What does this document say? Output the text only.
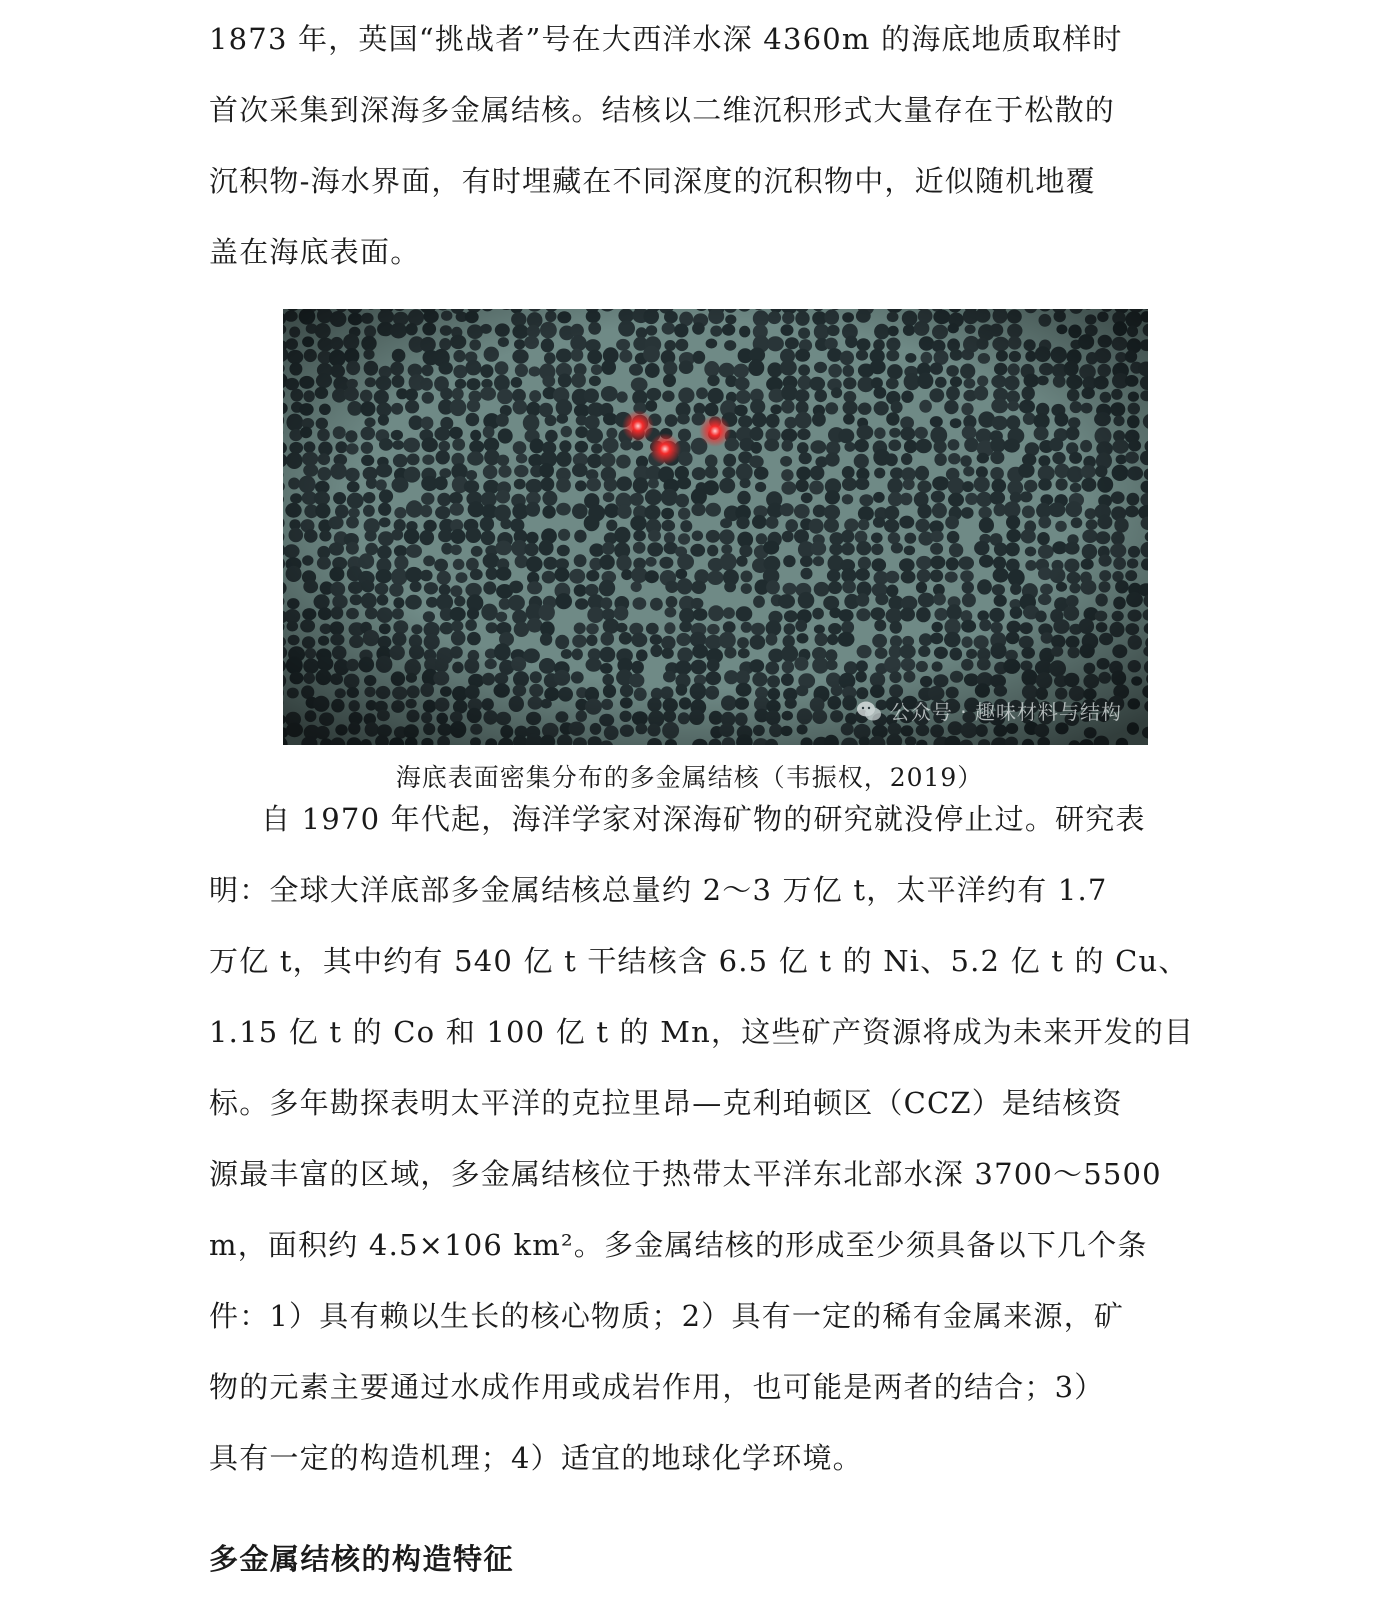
1873 年，英国“挑战者”号在大西洋水深 4360m 的海底地质取样时
首次采集到深海多金属结核。结核以二维沉积形式大量存在于松散的
沉积物-海水界面，有时埋藏在不同深度的沉积物中，近似随机地覆
盖在海底表面。

公众号 · 趣味材料与结构

海底表面密集分布的多金属结核（韦振权，2019）

自 1970 年代起，海洋学家对深海矿物的研究就没停止过。研究表
明：全球大洋底部多金属结核总量约 2～3 万亿 t，太平洋约有 1.7
万亿 t，其中约有 540 亿 t 干结核含 6.5 亿 t 的 Ni、5.2 亿 t 的 Cu、
1.15 亿 t 的 Co 和 100 亿 t 的 Mn，这些矿产资源将成为未来开发的目
标。多年勘探表明太平洋的克拉里昂—克利珀顿区（CCZ）是结核资
源最丰富的区域，多金属结核位于热带太平洋东北部水深 3700～5500
m，面积约 4.5×106 km²。多金属结核的形成至少须具备以下几个条
件：1）具有赖以生长的核心物质；2）具有一定的稀有金属来源，矿
物的元素主要通过水成作用或成岩作用，也可能是两者的结合；3）
具有一定的构造机理；4）适宜的地球化学环境。

多金属结核的构造特征
